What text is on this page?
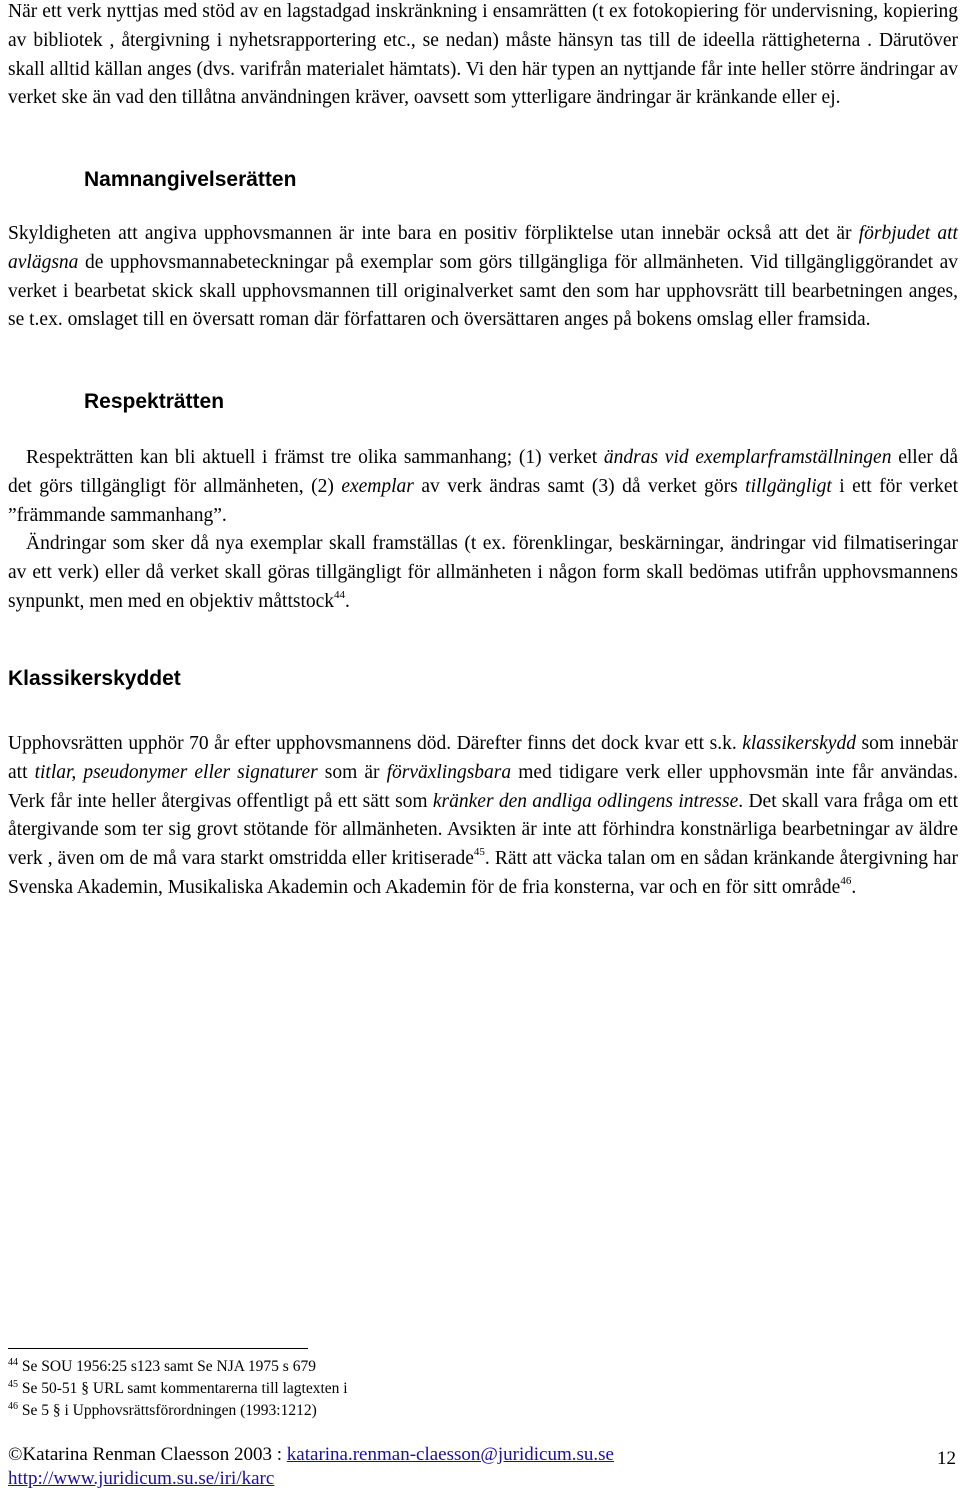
När ett verk nyttjas med stöd av en lagstadgad inskränkning i ensamrätten (t ex fotokopiering för undervisning, kopiering av bibliotek , återgivning i nyhetsrapportering etc., se nedan) måste hänsyn tas till de ideella rättigheterna . Därutöver skall alltid källan anges (dvs. varifrån materialet hämtats). Vi den här typen an nyttjande får inte heller större ändringar av verket ske än vad den tillåtna användningen kräver, oavsett som ytterligare ändringar är kränkande eller ej.

Namnangivelserätten

Skyldigheten att angiva upphovsmannen är inte bara en positiv förpliktelse utan innebär också att det är förbjudet att avlägsna de upphovsmannabeteckningar på exemplar som görs tillgängliga för allmänheten. Vid tillgängliggörandet av verket i bearbetat skick skall upphovsmannen till originalverket samt den som har upphovsrätt till bearbetningen anges, se t.ex. omslaget till en översatt roman där författaren och översättaren anges på bokens omslag eller framsida.

Respekträtten

Respekträtten kan bli aktuell i främst tre olika sammanhang; (1) verket ändras vid exemplarframställningen eller då det görs tillgängligt för allmänheten, (2) exemplar av verk ändras samt (3) då verket görs tillgängligt i ett för verket ”främmande sammanhang”.

Ändringar som sker då nya exemplar skall framställas (t ex. förenklingar, beskärningar, ändringar vid filmatiseringar av ett verk) eller då verket skall göras tillgängligt för allmänheten i någon form skall bedömas utifrån upphovsmannens synpunkt, men med en objektiv måttstock$^{44}$.

Klassikerskyddet

Upphovsrätten upphör 70 år efter upphovsmannens död. Därefter finns det dock kvar ett s.k. klassikerskydd som innebär att titlar, pseudonymer eller signaturer som är förväxlingsbara med tidigare verk eller upphovsmän inte får användas. Verk får inte heller återgivas offentligt på ett sätt som kränker den andliga odlingens intresse. Det skall vara fråga om ett återgivande som ter sig grovt stötande för allmänheten. Avsikten är inte att förhindra konstnärliga bearbetningar av äldre verk , även om de må vara starkt omstridda eller kritiserade$^{45}$. Rätt att väcka talan om en sådan kränkande återgivning har Svenska Akademin, Musikaliska Akademin och Akademin för de fria konsterna, var och en för sitt område$^{46}$.

$^{44}$ Se SOU 1956:25 s123 samt Se NJA 1975 s 679

$^{45}$ Se 50-51 § URL samt kommentarerna till lagtexten i

$^{46}$ Se 5 § i Upphovsrättsförordningen (1993:1212)

©Katarina Renman Claesson 2003 : katarina.renman-claesson@juridicum.su.se

http://www.juridicum.su.se/iri/karc

12
